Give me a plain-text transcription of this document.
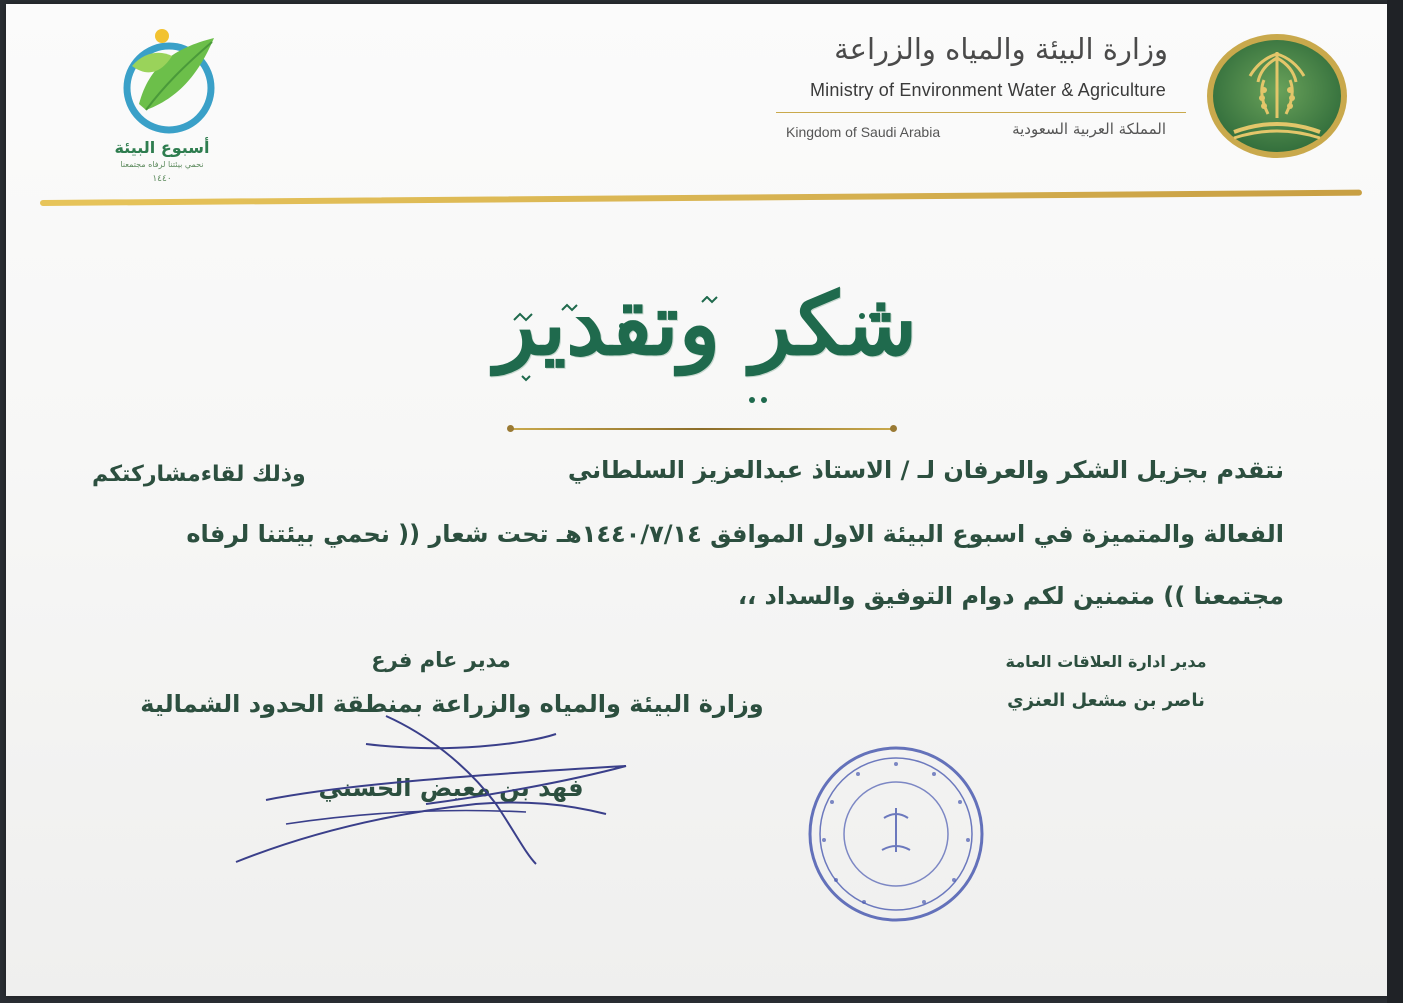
وزارة البيئة والمياه والزراعة
Ministry of Environment Water & Agriculture
Kingdom of Saudi Arabia	المملكة العربية السعودية
أسبوع البيئة
نحمي بيئتنا لرفاه مجتمعنا
١٤٤٠
شكر وتقدير
نتقدم بجزيل الشكر والعرفان لـ / الاستاذ عبدالعزيز السلطاني
وذلك لقاءمشاركتكم
الفعالة والمتميزة في اسبوع البيئة الاول الموافق ١٤٤٠/٧/١٤هـ تحت شعار (( نحمي بيئتنا لرفاه
مجتمعنا )) متمنين لكم دوام التوفيق والسداد ،،
مدير عام فرع
وزارة البيئة والمياه والزراعة بمنطقة الحدود الشمالية
فهد بن معيض الحسني
مدير ادارة العلاقات العامة
ناصر بن مشعل العنزي
